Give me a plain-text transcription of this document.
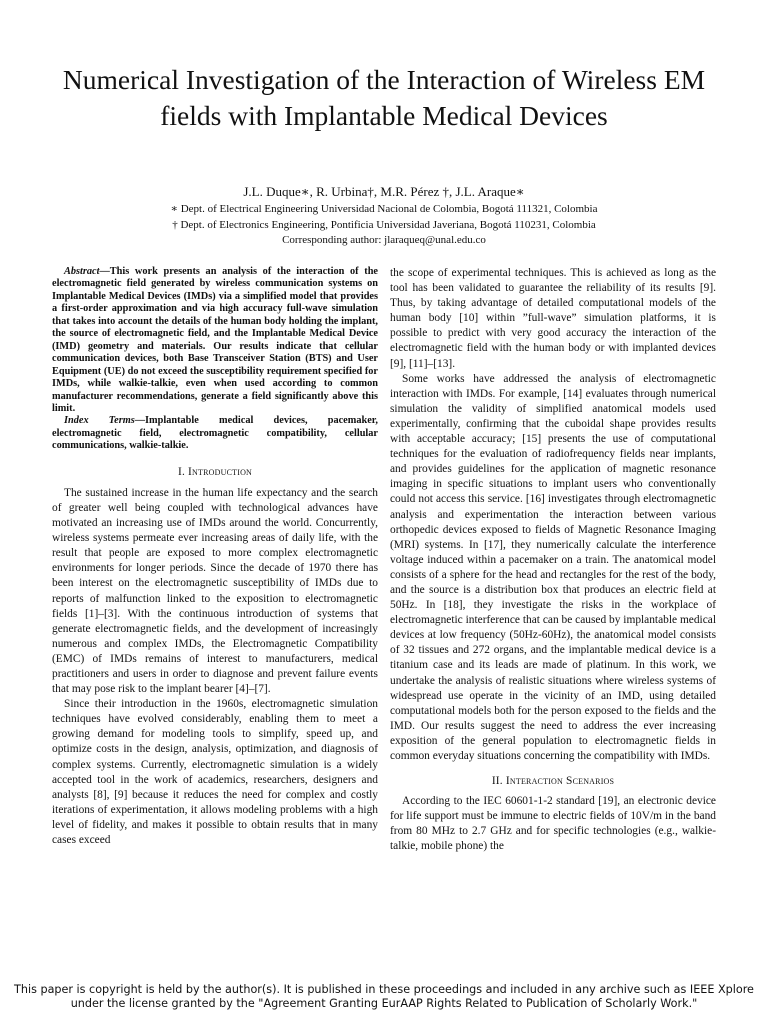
Numerical Investigation of the Interaction of Wireless EM fields with Implantable Medical Devices
J.L. Duque∗, R. Urbina†, M.R. Pérez †, J.L. Araque∗
∗ Dept. of Electrical Engineering Universidad Nacional de Colombia, Bogotá 111321, Colombia
† Dept. of Electronics Engineering, Pontificia Universidad Javeriana, Bogotá 110231, Colombia
Corresponding author: jlaraqueq@unal.edu.co

Abstract—This work presents an analysis of the interaction of the electromagnetic field generated by wireless communication systems on Implantable Medical Devices (IMDs) via a simplified model that provides a first-order approximation and via high accuracy full-wave simulation that takes into account the details of the human body holding the implant, the source of electromagnetic field, and the Implantable Medical Device (IMD) geometry and materials. Our results indicate that cellular communication devices, both Base Transceiver Station (BTS) and User Equipment (UE) do not exceed the susceptibility requirement specified for IMDs, while walkie-talkie, even when used according to common manufacturer recommendations, generate a field significantly above this limit.

Index Terms—Implantable medical devices, pacemaker, electromagnetic field, electromagnetic compatibility, cellular communications, walkie-talkie.

I. Introduction

The sustained increase in the human life expectancy and the search of greater well being coupled with technological advances have motivated an increasing use of IMDs around the world. Concurrently, wireless systems permeate ever increasing areas of daily life, with the result that people are exposed to more complex electromagnetic environments for longer periods. Since the decade of 1970 there has been interest on the electromagnetic susceptibility of IMDs due to reports of malfunction linked to the exposition to electromagnetic fields [1]–[3]. With the continuous introduction of systems that generate electromagnetic fields, and the development of increasingly numerous and complex IMDs, the Electromagnetic Compatibility (EMC) of IMDs remains of interest to manufacturers, medical practitioners and users in order to diagnose and prevent failure events that may pose risk to the implant bearer [4]–[7].

Since their introduction in the 1960s, electromagnetic simulation techniques have evolved considerably, enabling them to meet a growing demand for modeling tools to simplify, speed up, and optimize costs in the design, analysis, optimization, and diagnosis of complex systems. Currently, electromagnetic simulation is a widely accepted tool in the work of academics, researchers, designers and analysts [8], [9] because it reduces the need for complex and costly iterations of experimentation, it allows modeling problems with a high level of fidelity, and makes it possible to obtain results that in many cases exceed

the scope of experimental techniques. This is achieved as long as the tool has been validated to guarantee the reliability of its results [9]. Thus, by taking advantage of detailed computational models of the human body [10] within ”full-wave” simulation platforms, it is possible to predict with very good accuracy the interaction of the electromagnetic field with the human body or with implanted devices [9], [11]–[13].

Some works have addressed the analysis of electromagnetic interaction with IMDs. For example, [14] evaluates through numerical simulation the validity of simplified anatomical models used experimentally, confirming that the cuboidal shape provides results with acceptable accuracy; [15] presents the use of computational techniques for the evaluation of radiofrequency fields near implants, and provides guidelines for the application of magnetic resonance imaging in specific situations to implant users who conventionally could not access this service. [16] investigates through electromagnetic analysis and experimentation the interaction between various orthopedic devices exposed to fields of Magnetic Resonance Imaging (MRI) systems. In [17], they numerically calculate the interference voltage induced within a pacemaker on a train. The anatomical model consists of a sphere for the head and rectangles for the rest of the body, and the source is a distribution box that produces an electric field at 50Hz. In [18], they investigate the risks in the workplace of electromagnetic interference that can be caused by implantable medical devices at low frequency (50Hz-60Hz), the anatomical model consists of 32 tissues and 272 organs, and the implantable medical device is a titanium case and its leads are made of platinum. In this work, we undertake the analysis of realistic situations where wireless systems of widespread use operate in the vicinity of an IMD, using detailed computational models both for the person exposed to the fields and the IMD. Our results suggest the need to address the ever increasing exposition of the general population to electromagnetic fields in common everyday situations concerning the compatibility with IMDs.

II. Interaction Scenarios

According to the IEC 60601-1-2 standard [19], an electronic device for life support must be immune to electric fields of 10V/m in the band from 80 MHz to 2.7 GHz and for specific technologies (e.g., walkie-talkie, mobile phone) the

This paper is copyright is held by the author(s). It is published in these proceedings and included in any archive such as IEEE Xplore
under the license granted by the "Agreement Granting EurAAP Rights Related to Publication of Scholarly Work."
